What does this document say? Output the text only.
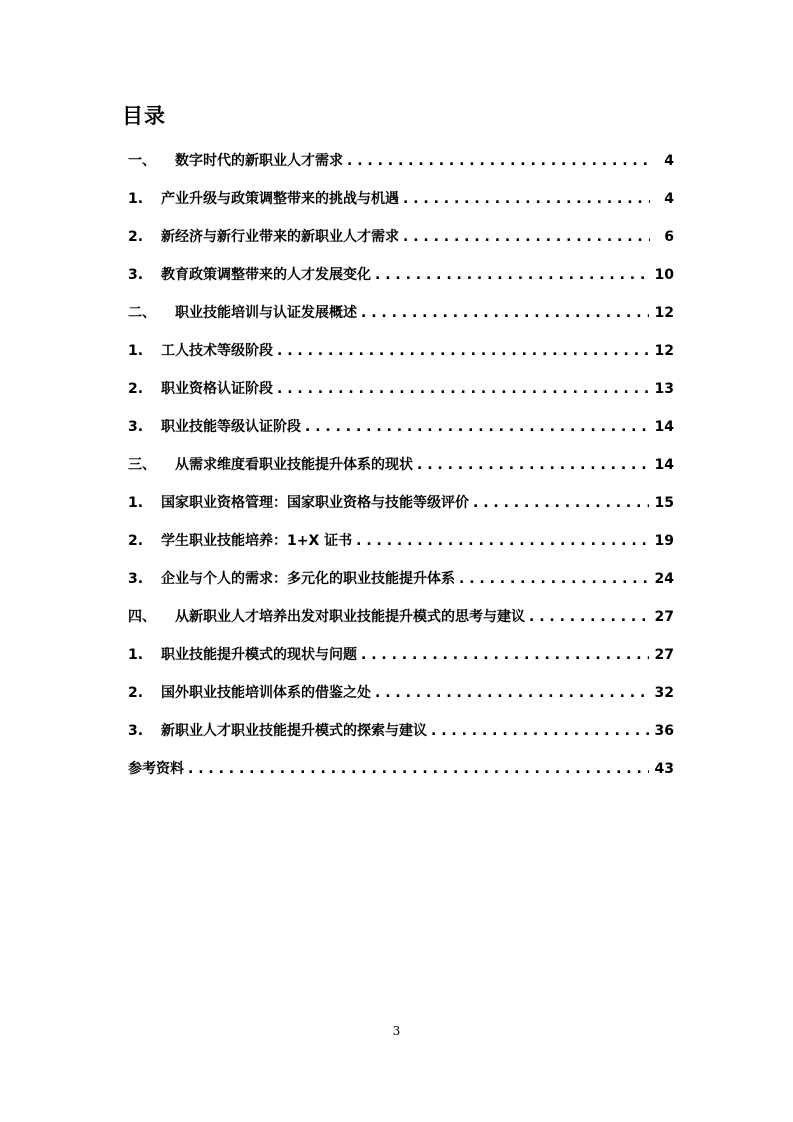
目录
一、	数字时代的新职业人才需求 . . .	4
1.	产业升级与政策调整带来的挑战与机遇 . . .	4
2.	新经济与新行业带来的新职业人才需求 . . .	6
3.	教育政策调整带来的人才发展变化 . . .	10
二、	职业技能培训与认证发展概述 . . .	12
1.	工人技术等级阶段 . . .	12
2.	职业资格认证阶段 . . .	13
3.	职业技能等级认证阶段 . . .	14
三、	从需求维度看职业技能提升体系的现状 . . .	14
1.	国家职业资格管理：国家职业资格与技能等级评价 . . .	15
2.	学生职业技能培养：1+X 证书 . . .	19
3.	企业与个人的需求：多元化的职业技能提升体系 . . .	24
四、	从新职业人才培养出发对职业技能提升模式的思考与建议 . . .	27
1.	职业技能提升模式的现状与问题 . . .	27
2.	国外职业技能培训体系的借鉴之处 . . .	32
3.	新职业人才职业技能提升模式的探索与建议 . . .	36
参考资料 . . .	43
3
